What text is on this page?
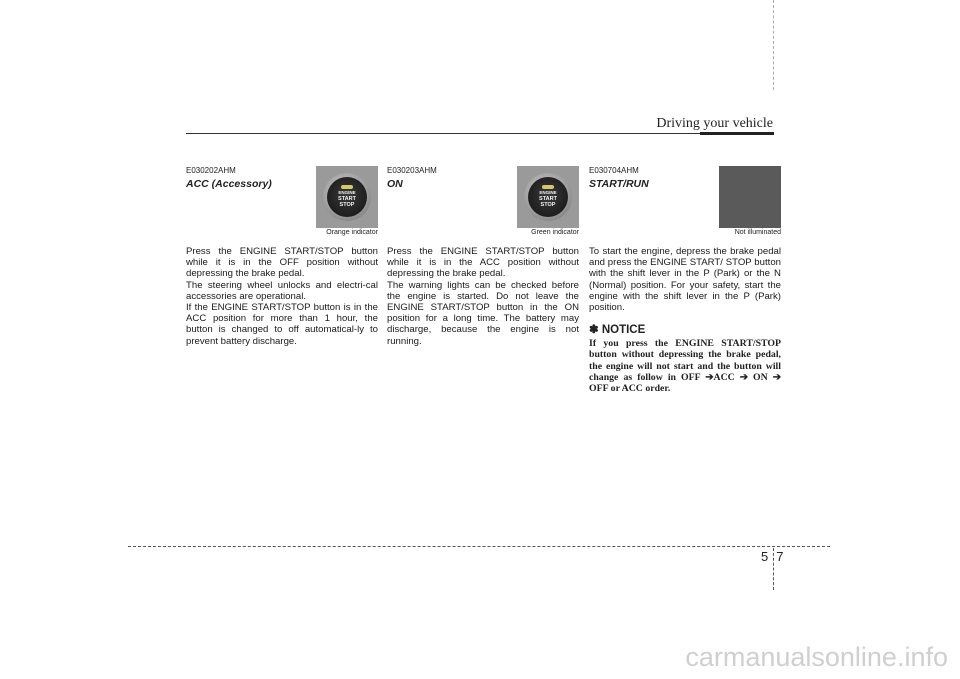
Driving your vehicle
ENGINE
START
STOP
Orange indicator
E030202AHM
ACC (Accessory)

Press the ENGINE START/STOP button while it is in the OFF position without depressing the brake pedal.

The steering wheel unlocks and electri-cal accessories are operational.

If the ENGINE START/STOP button is in the ACC position for more than 1 hour, the button is changed to off automatical-ly to prevent battery discharge.

ENGINE
START
STOP
Green indicator
E030203AHM
ON

Press the ENGINE START/STOP button while it is in the ACC position without depressing the brake pedal.

The warning lights can be checked before the engine is started. Do not leave the ENGINE START/STOP button in the ON position for a long time. The battery may discharge, because the engine is not running.

Not illuminated
E030704AHM
START/RUN

To start the engine, depress the brake pedal and press the ENGINE START/ STOP button with the shift lever in the P (Park) or the N (Normal) position. For your safety, start the engine with the shift lever in the P (Park) position.

✽ NOTICE
If you press the ENGINE START/STOP button without depressing the brake pedal, the engine will not start and the button will change as follow in OFF ➔ACC ➔ ON ➔ OFF or ACC order.
5 7
carmanualsonline.info
